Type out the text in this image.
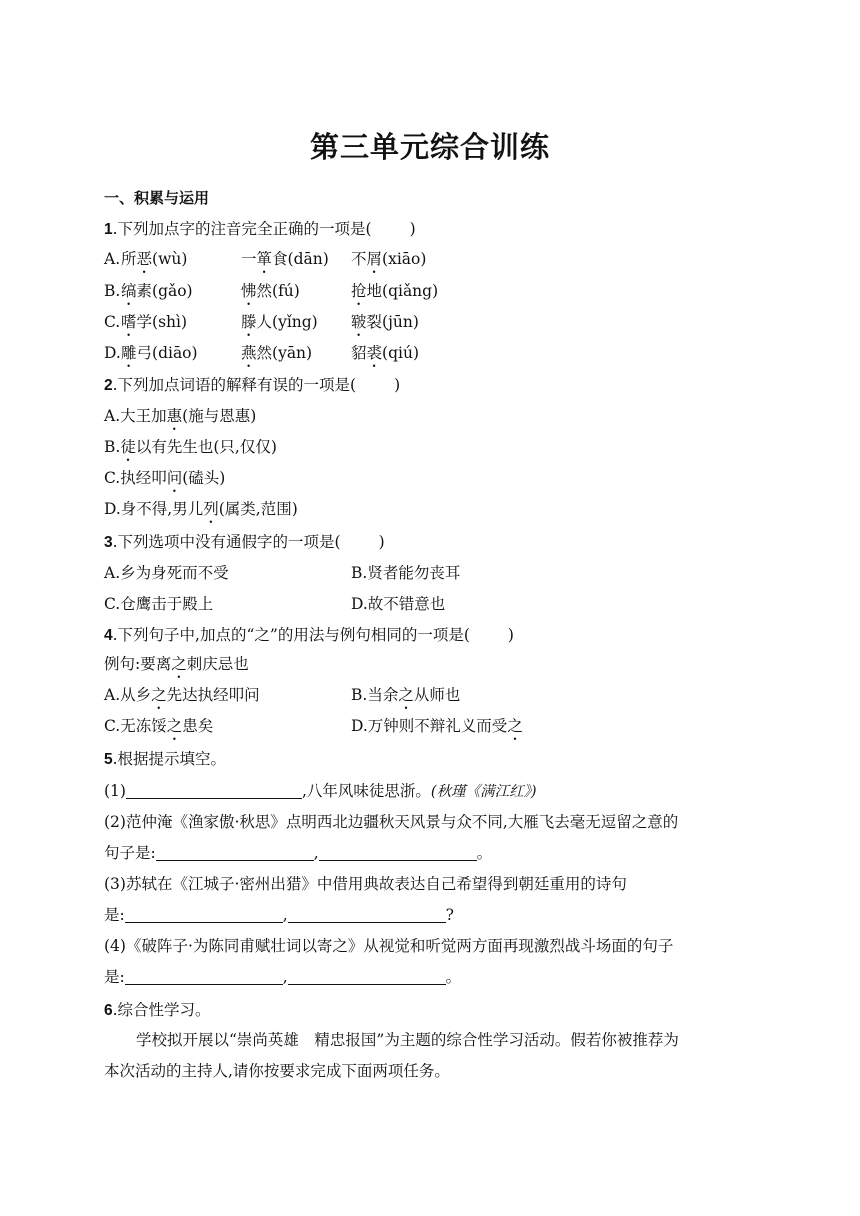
第三单元综合训练
一、积累与运用
1.下列加点字的注音完全正确的一项是( )
A. 所恶(wù)	一箪食(dān) 不屑(xiāo)
B. 缟素(gǎo)	怫然(fú)	抢地(qiǎng)
C. 嗜学(shì)	滕人(yǐng) 皲裂(jūn)
D. 雕弓(diāo)	燕然(yān)	貂裘(qiú)
2.下列加点词语的解释有误的一项是( )
A.大王加惠(施与恩惠)
B.徒以有先生也(只,仅仅)
C.执经叩问(磕头)
D.身不得,男儿列(属类,范围)
3.下列选项中没有通假字的一项是( )
A.乡为身死而不受	B.贤者能勿丧耳
C.仓鹰击于殿上	D.故不错意也
4.下列句子中,加点的“之”的用法与例句相同的一项是( )
例句:要离之刺庆忌也
A.从乡之先达执经叩问	B.当余之从师也
C.无冻馁之患矣	D.万钟则不辩礼义而受之
5.根据提示填空。
(1)	,八年风味徒思浙。(秋瑾《满江红》)
(2)范仲淹《渔家傲·秋思》点明西北边疆秋天风景与众不同,大雁飞去毫无逗留之意的
句子是:	,	。
(3)苏轼在《江城子·密州出猎》中借用典故表达自己希望得到朝廷重用的诗句
是:	,	?
(4)《破阵子·为陈同甫赋壮词以寄之》从视觉和听觉两方面再现激烈战斗场面的句子
是:	,	。
6.综合性学习。
学校拟开展以“崇尚英雄　精忠报国”为主题的综合性学习活动。假若你被推荐为
本次活动的主持人,请你按要求完成下面两项任务。
